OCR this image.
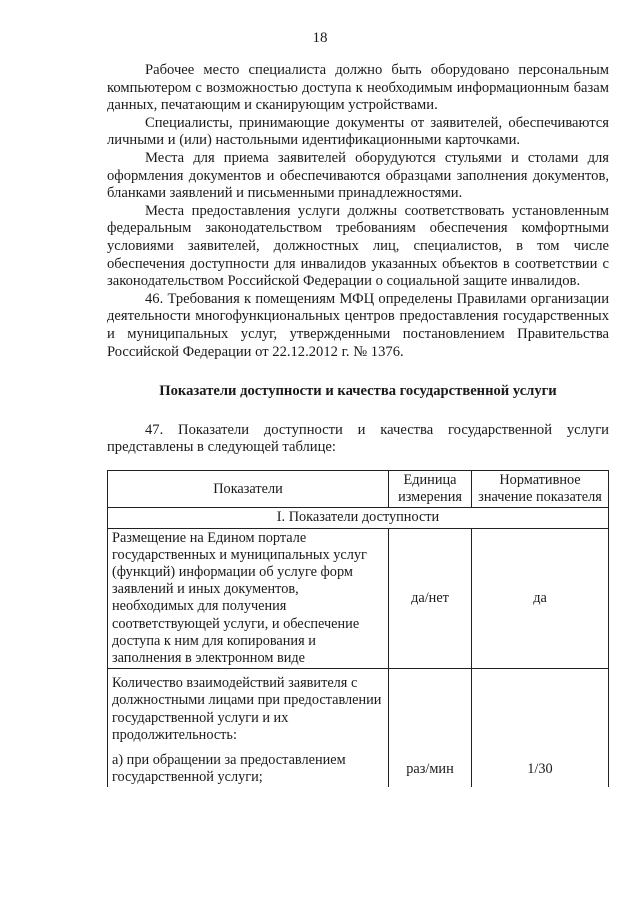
18

Рабочее место специалиста должно быть оборудовано персональным компьютером с возможностью доступа к необходимым информационным базам данных, печатающим и сканирующим устройствами.

Специалисты, принимающие документы от заявителей, обеспечиваются личными и (или) настольными идентификационными карточками.

Места для приема заявителей оборудуются стульями и столами для оформления документов и обеспечиваются образцами заполнения документов, бланками заявлений и письменными принадлежностями.

Места предоставления услуги должны соответствовать установленным федеральным законодательством требованиям обеспечения комфортными условиями заявителей, должностных лиц, специалистов, в том числе обеспечения доступности для инвалидов указанных объектов в соответствии с законодательством Российской Федерации о социальной защите инвалидов.

46. Требования к помещениям МФЦ определены Правилами организации деятельности многофункциональных центров предоставления государственных и муниципальных услуг, утвержденными постановлением Правительства Российской Федерации от 22.12.2012 г. № 1376.

Показатели доступности и качества государственной услуги

47. Показатели доступности и качества государственной услуги представлены в следующей таблице:

Показатели	Единица измерения	Нормативное значение показателя
I. Показатели доступности		
Размещение на Едином портале государственных и муниципальных услуг (функций) информации об услуге форм заявлений и иных документов, необходимых для получения соответствующей услуги, и обеспечение доступа к ним для копирования и заполнения в электронном виде	да/нет	да

Количество взаимодействий заявителя с должностными лицами при предоставлении государственной услуги и их продолжительность:
а) при обращении за предоставлением государственной услуги;	раз/мин	1/30
